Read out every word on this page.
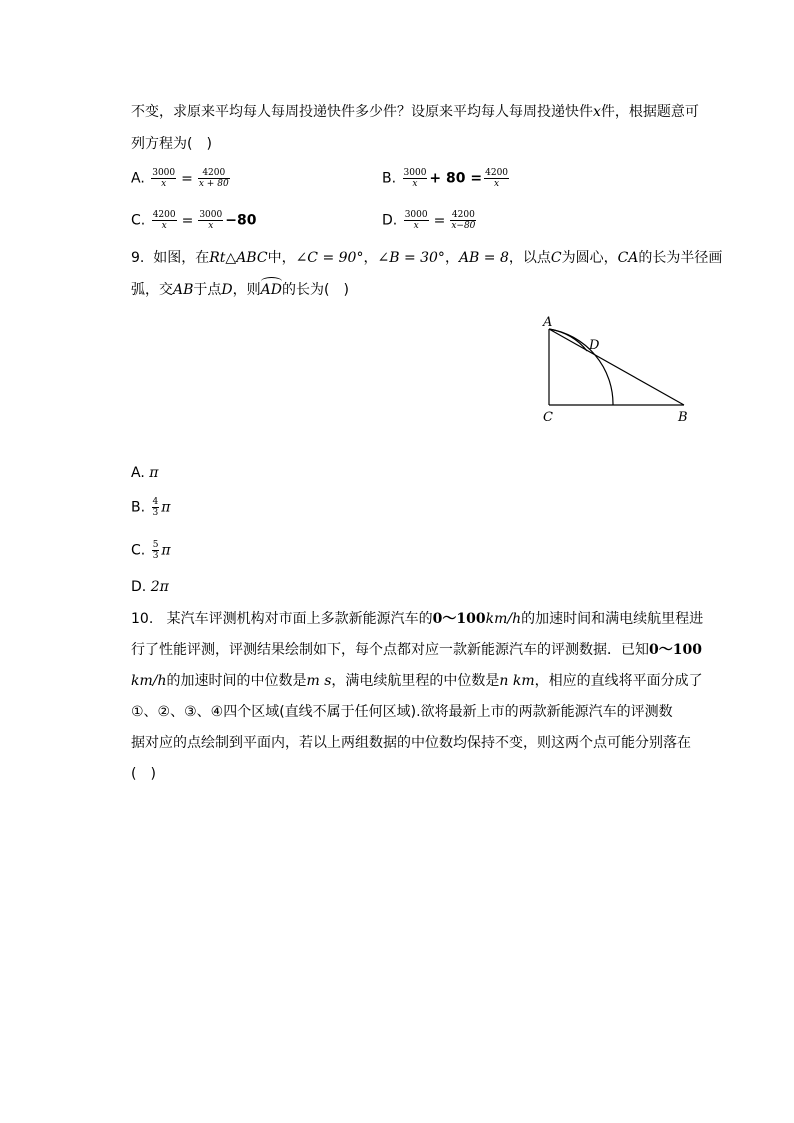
不变，求原来平均每人每周投递快件多少件？设原来平均每人每周投递快件x件，根据题意可
列方程为(　)
A. $\frac{3000}{x} = \frac{4200}{x + 80}$	B. $\frac{3000}{x} + 80 = \frac{4200}{x}$
C. $\frac{4200}{x} = \frac{3000}{x} -80$	D. $\frac{3000}{x} = \frac{4200}{x-80}$
9. 如图，在Rt△ABC中，∠C = 90°，∠B = 30°，AB = 8，以点C为圆心，CA的长为半径画
弧，交AB于点D，则AD的长为(　)
A
D
C	B
A. π
B. $\frac{4}{3}$ π
C. $\frac{5}{3}$ π
D. 2π
10. 某汽车评测机构对市面上多款新能源汽车的0～100km/h的加速时间和满电续航里程进
行了性能评测，评测结果绘制如下，每个点都对应一款新能源汽车的评测数据．已知0～100
km/h的加速时间的中位数是m s，满电续航里程的中位数是n km，相应的直线将平面分成了
①、②、③、④四个区域(直线不属于任何区域).欲将最新上市的两款新能源汽车的评测数
据对应的点绘制到平面内，若以上两组数据的中位数均保持不变，则这两个点可能分别落在
(　)
